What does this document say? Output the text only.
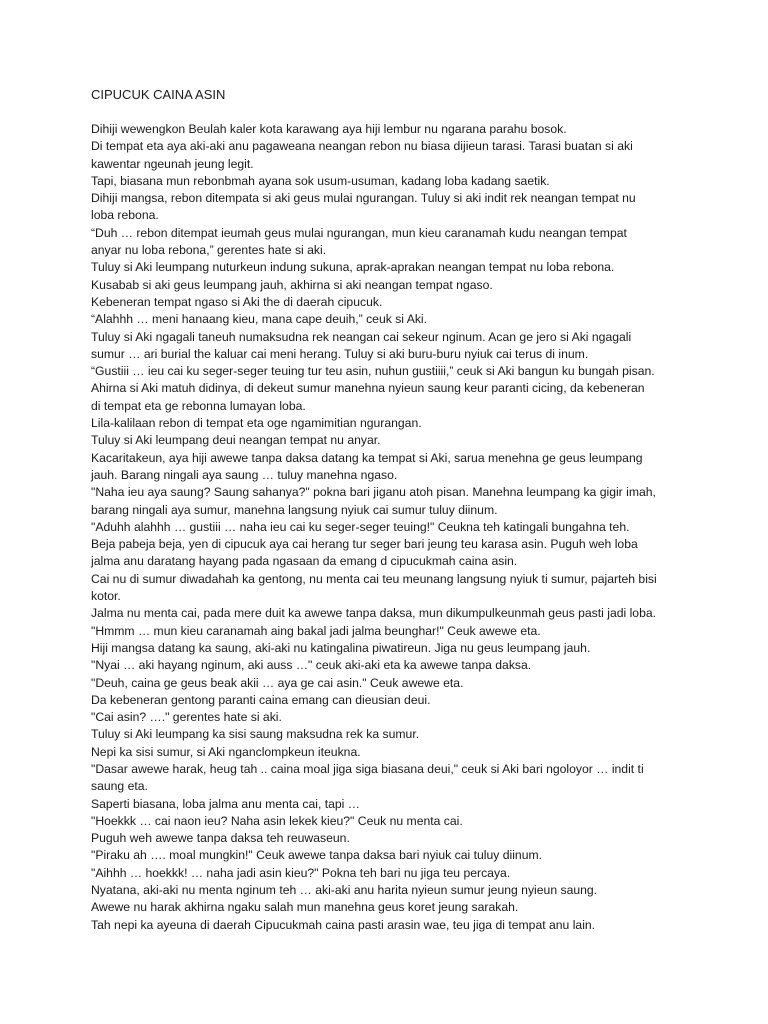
CIPUCUK CAINA ASIN
Dihiji wewengkon Beulah kaler kota karawang aya hiji lembur nu ngarana parahu bosok.
Di tempat eta aya aki-aki anu pagaweana neangan rebon nu biasa dijieun tarasi. Tarasi buatan si aki
kawentar ngeunah jeung legit.
Tapi, biasana mun rebonbmah ayana sok usum-usuman, kadang loba kadang saetik.
Dihiji mangsa, rebon ditempata si aki geus mulai ngurangan. Tuluy si aki indit rek neangan tempat nu
loba rebona.
“Duh … rebon ditempat ieumah geus mulai ngurangan, mun kieu caranamah kudu neangan tempat
anyar nu loba rebona,” gerentes hate si aki.
Tuluy si Aki leumpang nuturkeun indung sukuna, aprak-aprakan neangan tempat nu loba rebona.
Kusabab si aki geus leumpang jauh, akhirna si aki neangan tempat ngaso.
Kebeneran tempat ngaso si Aki the di daerah cipucuk.
“Alahhh … meni hanaang kieu, mana cape deuih,” ceuk si Aki.
Tuluy si Aki ngagali taneuh numaksudna rek neangan cai sekeur nginum. Acan ge jero si Aki ngagali
sumur … ari burial the kaluar cai meni herang. Tuluy si aki buru-buru nyiuk cai terus di inum.
“Gustiii … ieu cai ku seger-seger teuing tur teu asin, nuhun gustiiii,” ceuk si Aki bangun ku bungah pisan.
Ahirna si Aki matuh didinya, di dekeut sumur manehna nyieun saung keur paranti cicing, da kebeneran
di tempat eta ge rebonna lumayan loba.
Lila-kalilaan rebon di tempat eta oge ngamimitian ngurangan.
Tuluy si Aki leumpang deui neangan tempat nu anyar.
Kacaritakeun, aya hiji awewe tanpa daksa datang ka tempat si Aki, sarua menehna ge geus leumpang
jauh. Barang ningali aya saung … tuluy manehna ngaso.
"Naha ieu aya saung? Saung sahanya?" pokna bari jiganu atoh pisan. Manehna leumpang ka gigir imah,
barang ningali aya sumur, manehna langsung nyiuk cai sumur tuluy diinum.
"Aduhh alahhh … gustiii … naha ieu cai ku seger-seger teuing!" Ceukna teh katingali bungahna teh.
Beja pabeja beja, yen di cipucuk aya cai herang tur seger bari jeung teu karasa asin. Puguh weh loba
jalma anu daratang hayang pada ngasaan da emang d cipucukmah caina asin.
Cai nu di sumur diwadahah ka gentong, nu menta cai teu meunang langsung nyiuk ti sumur, pajarteh bisi
kotor.
Jalma nu menta cai, pada mere duit ka awewe tanpa daksa, mun dikumpulkeunmah geus pasti jadi loba.
"Hmmm … mun kieu caranamah aing bakal jadi jalma beunghar!" Ceuk awewe eta.
Hiji mangsa datang ka saung, aki-aki nu katingalina piwatireun. Jiga nu geus leumpang jauh.
"Nyai … aki hayang nginum, aki auss …" ceuk aki-aki eta ka awewe tanpa daksa.
"Deuh, caina ge geus beak akii … aya ge cai asin." Ceuk awewe eta.
Da kebeneran gentong paranti caina emang can dieusian deui.
"Cai asin? …." gerentes hate si aki.
Tuluy si Aki leumpang ka sisi saung maksudna rek ka sumur.
Nepi ka sisi sumur, si Aki nganclompkeun iteukna.
"Dasar awewe harak, heug tah .. caina moal jiga siga biasana deui," ceuk si Aki bari ngoloyor … indit ti
saung eta.
Saperti biasana, loba jalma anu menta cai, tapi …
"Hoekkk … cai naon ieu? Naha asin lekek kieu?" Ceuk nu menta cai.
Puguh weh awewe tanpa daksa teh reuwaseun.
"Piraku ah …. moal mungkin!" Ceuk awewe tanpa daksa bari nyiuk cai tuluy diinum.
"Aihhh … hoekkk! … naha jadi asin kieu?" Pokna teh bari nu jiga teu percaya.
Nyatana, aki-aki nu menta nginum teh … aki-aki anu harita nyieun sumur jeung nyieun saung.
Awewe nu harak akhirna ngaku salah mun manehna geus koret jeung sarakah.
Tah nepi ka ayeuna di daerah Cipucukmah caina pasti arasin wae, teu jiga di tempat anu lain.
